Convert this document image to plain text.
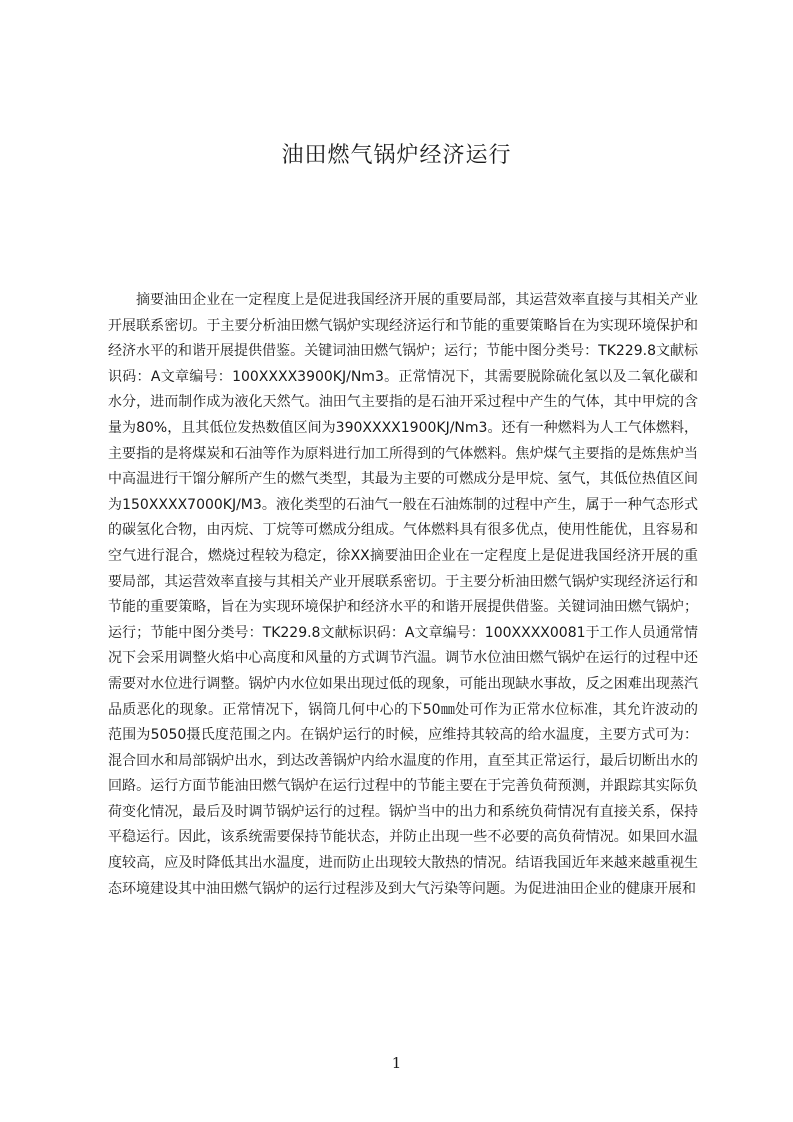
油田燃气锅炉经济运行

摘要油田企业在一定程度上是促进我国经济开展的重要局部，其运营效率直接与其相关产业开展联系密切。于主要分析油田燃气锅炉实现经济运行和节能的重要策略旨在为实现环境保护和经济水平的和谐开展提供借鉴。关键词油田燃气锅炉；运行；节能中图分类号：TK229.8文献标识码：A文章编号：100XXXX3900KJ/Nm3。正常情况下，其需要脱除硫化氢以及二氧化碳和水分，进而制作成为液化天然气。油田气主要指的是石油开采过程中产生的气体，其中甲烷的含量为80%，且其低位发热数值区间为390XXXX1900KJ/Nm3。还有一种燃料为人工气体燃料，主要指的是将煤炭和石油等作为原料进行加工所得到的气体燃料。焦炉煤气主要指的是炼焦炉当中高温进行干馏分解所产生的燃气类型，其最为主要的可燃成分是甲烷、氢气，其低位热值区间为150XXXX7000KJ/M3。液化类型的石油气一般在石油炼制的过程中产生，属于一种气态形式的碳氢化合物，由丙烷、丁烷等可燃成分组成。气体燃料具有很多优点，使用性能优，且容易和空气进行混合，燃烧过程较为稳定，徐XX摘要油田企业在一定程度上是促进我国经济开展的重要局部，其运营效率直接与其相关产业开展联系密切。于主要分析油田燃气锅炉实现经济运行和节能的重要策略，旨在为实现环境保护和经济水平的和谐开展提供借鉴。关键词油田燃气锅炉；运行；节能中图分类号：TK229.8文献标识码：A文章编号：100XXXX0081于工作人员通常情况下会采用调整火焰中心高度和风量的方式调节汽温。调节水位油田燃气锅炉在运行的过程中还需要对水位进行调整。锅炉内水位如果出现过低的现象，可能出现缺水事故，反之困难出现蒸汽品质恶化的现象。正常情况下，锅筒几何中心的下50㎜处可作为正常水位标准，其允许波动的范围为5050摄氏度范围之内。在锅炉运行的时候，应维持其较高的给水温度，主要方式可为：混合回水和局部锅炉出水，到达改善锅炉内给水温度的作用，直至其正常运行，最后切断出水的回路。运行方面节能油田燃气锅炉在运行过程中的节能主要在于完善负荷预测，并跟踪其实际负荷变化情况，最后及时调节锅炉运行的过程。锅炉当中的出力和系统负荷情况有直接关系，保持平稳运行。因此，该系统需要保持节能状态，并防止出现一些不必要的高负荷情况。如果回水温度较高，应及时降低其出水温度，进而防止出现较大散热的情况。结语我国近年来越来越重视生态环境建设其中油田燃气锅炉的运行过程涉及到大气污染等问题。为促进油田企业的健康开展和

1
